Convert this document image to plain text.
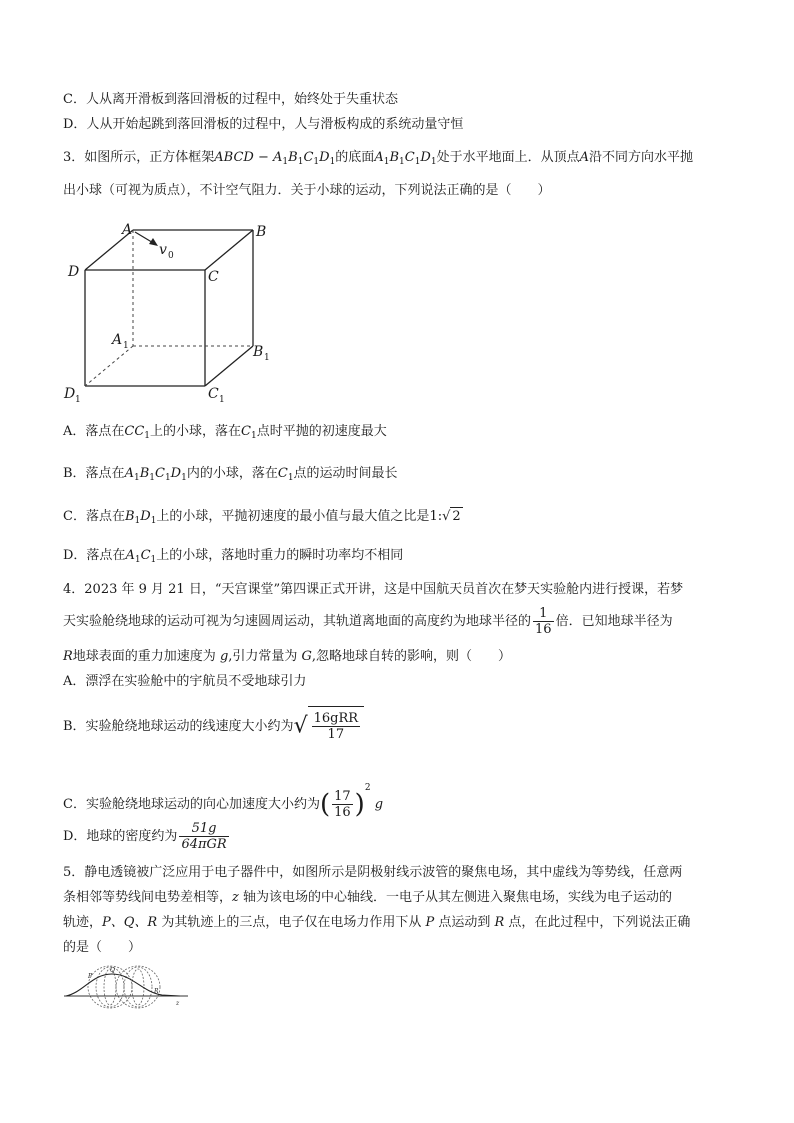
C．人从离开滑板到落回滑板的过程中，始终处于失重状态
D．人从开始起跳到落回滑板的过程中，人与滑板构成的系统动量守恒
3．如图所示，正方体框架ABCD − $A_1B_1C_1D_1$的底面$A_1B_1C_1D_1$处于水平地面上．从顶点A沿不同方向水平抛
出小球（可视为质点），不计空气阻力．关于小球的运动，下列说法正确的是（　　）
A	B
C
D
A
B
C
D
v
1
1
1
1
0
A．落点在$CC_1$上的小球，落在$C_1$点时平抛的初速度最大
B．落点在$A_1B_1C_1D_1$内的小球，落在$C_1$点的运动时间最长
C．落点在$B_1D_1$上的小球，平抛初速度的最小值与最大值之比是1:√ 2
D．落点在$A_1C_1$上的小球，落地时重力的瞬时功率均不相同
4．2023 年 9 月 21 日，“天宫课堂”第四课正式开讲，这是中国航天员首次在梦天实验舱内进行授课，若梦
天实验舱绕地球的运动可视为匀速圆周运动，其轨道离地面的高度约为地球半径的 $\frac{1}{16}$ 倍．已知地球半径为
R地球表面的重力加速度为 g,引力常量为 G,忽略地球自转的影响，则（　　）
A．漂浮在实验舱中的宇航员不受地球引力
B．实验舱绕地球运动的线速度大小约为√ $\frac{\text{16gRR}}{17}$
C．实验舱绕地球运动的向心加速度大小约为( $\frac{17}{16} )^2$ g
D．地球的密度约为 $\frac{51g}{\text{64πGR}}$
5．静电透镜被广泛应用于电子器件中，如图所示是阴极射线示波管的聚焦电场，其中虚线为等势线，任意两
条相邻等势线间电势差相等，z 轴为该电场的中心轴线．一电子从其左侧进入聚焦电场，实线为电子运动的
轨迹，P、Q、R 为其轨迹上的三点，电子仅在电场力作用下从 P 点运动到 R 点，在此过程中，下列说法正确
的是（　　）
P
Q
R
z
